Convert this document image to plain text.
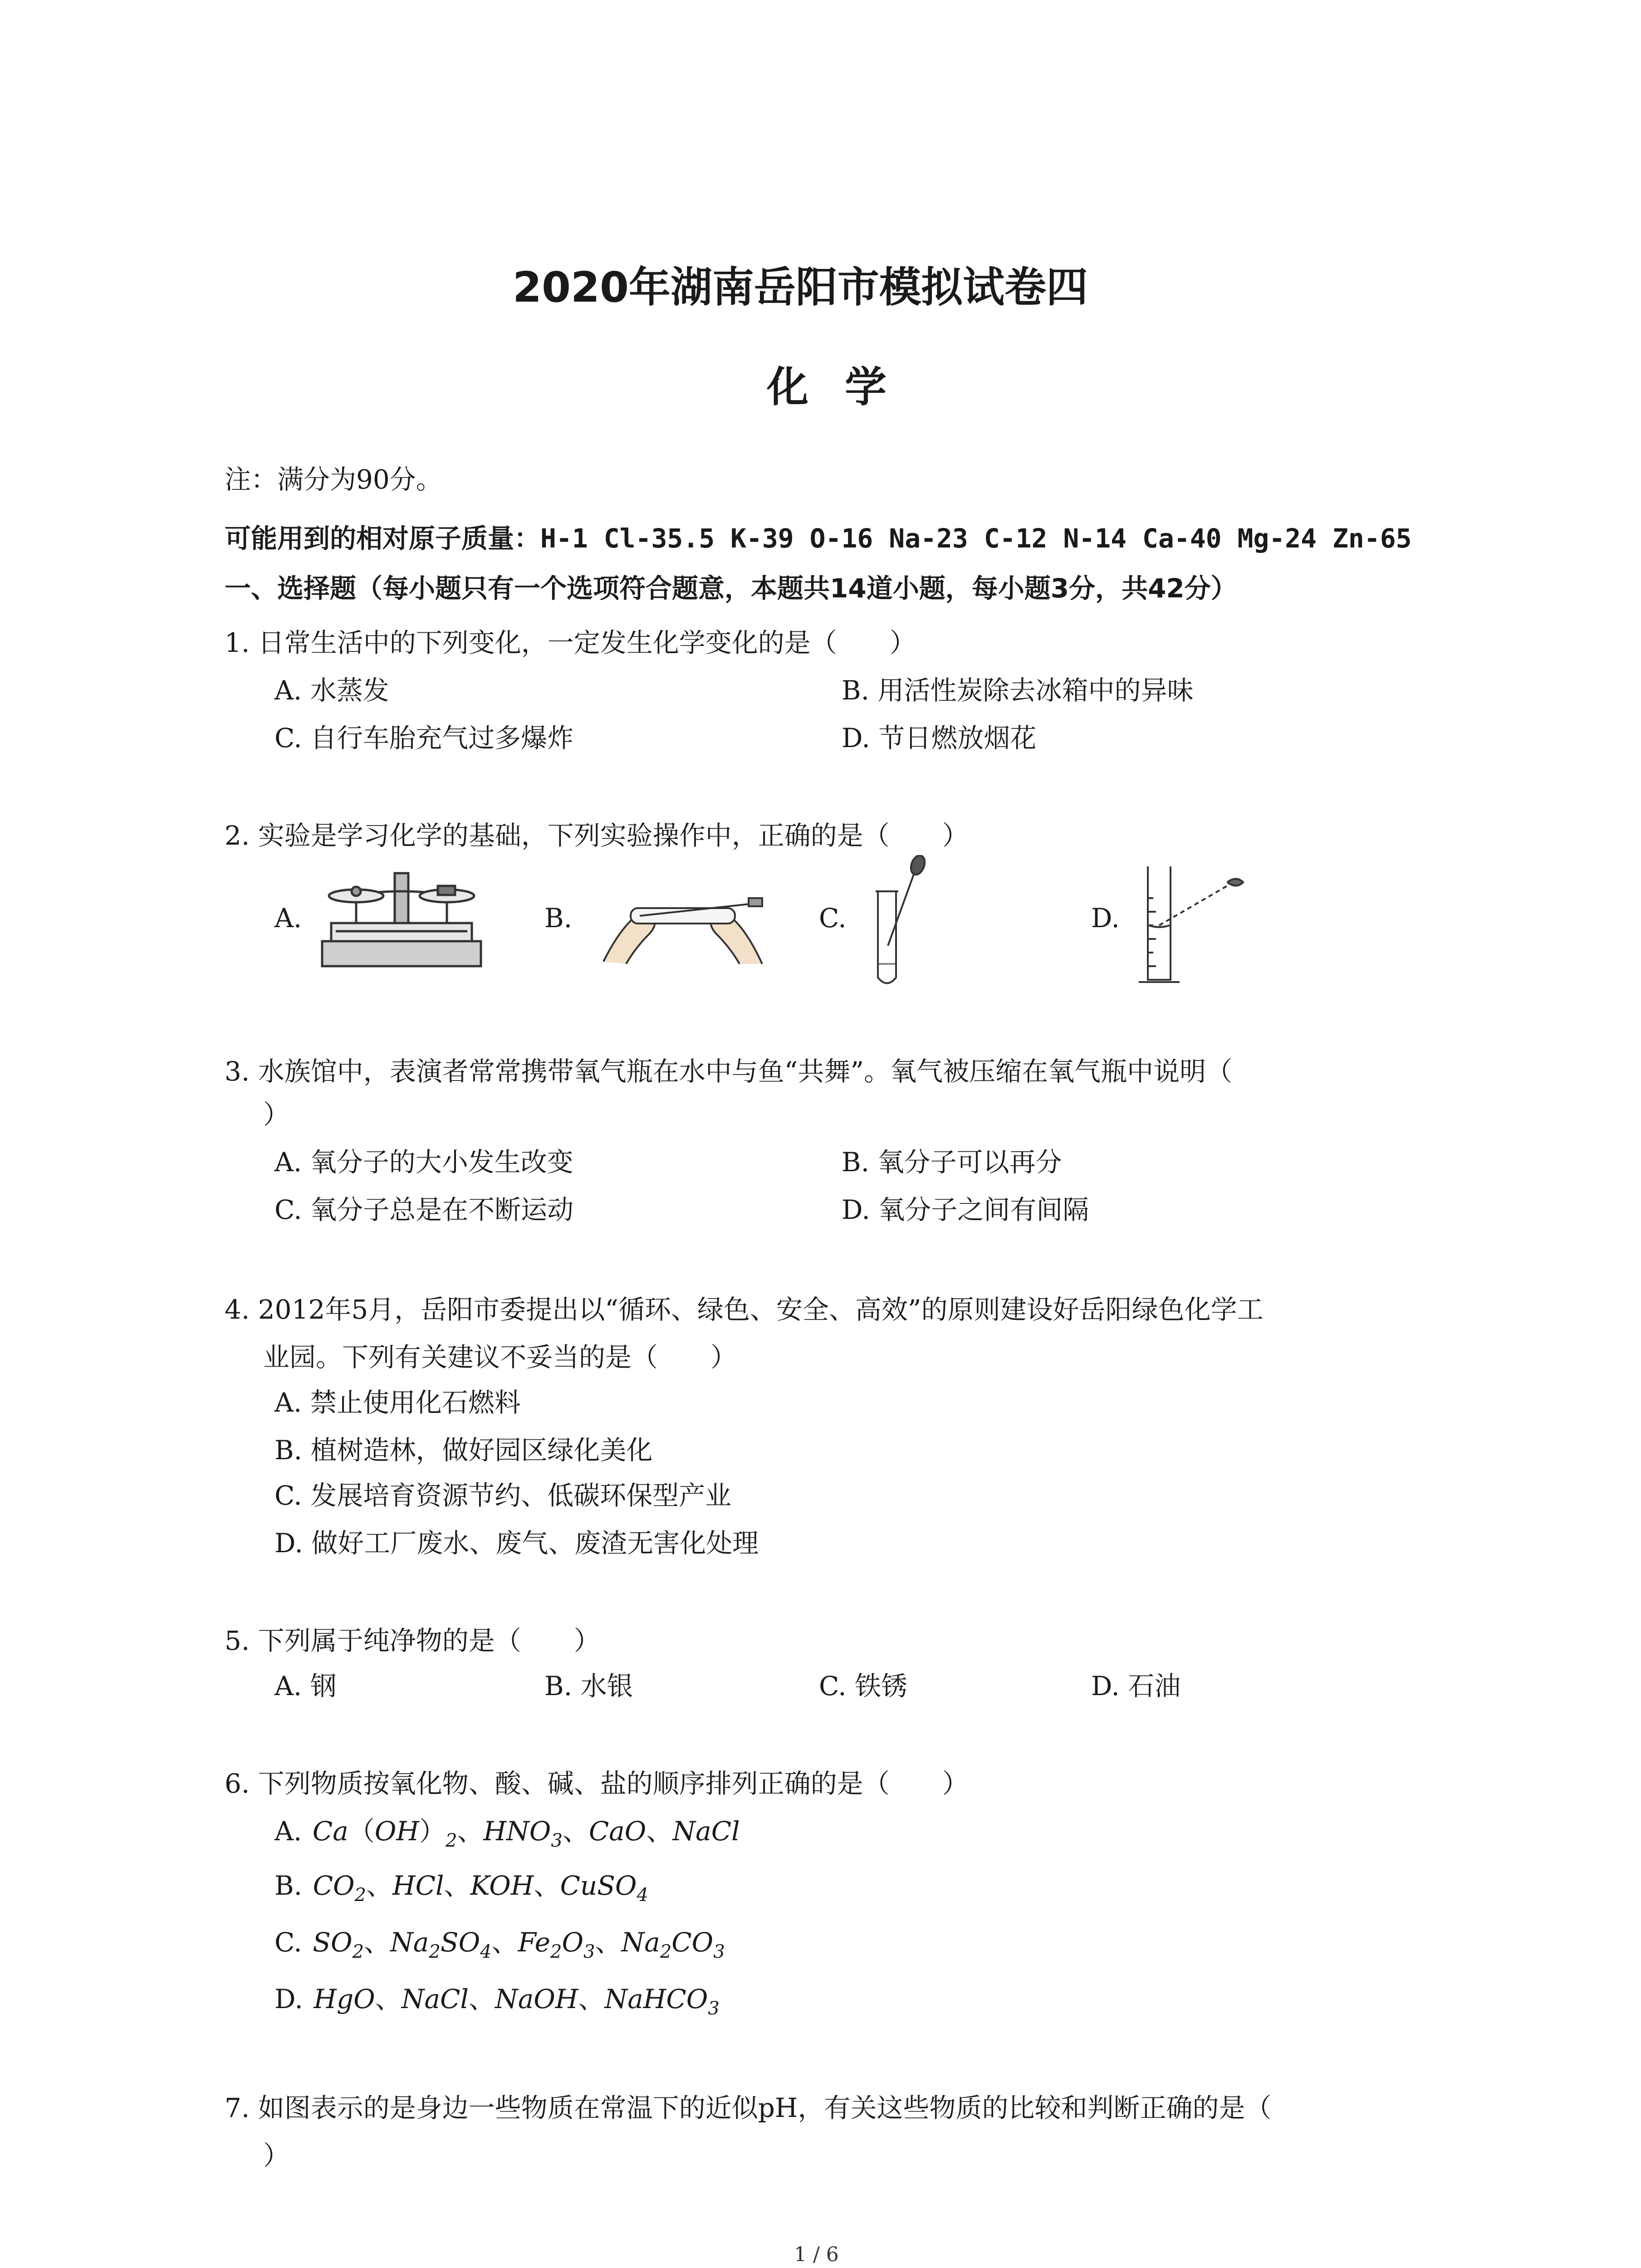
2020年湖南岳阳市模拟试卷四
化学
注：满分为90分。
可能用到的相对原子质量：H-1 Cl-35.5 K-39 O-16 Na-23 C-12 N-14 Ca-40 Mg-24 Zn-65
一、选择题（每小题只有一个选项符合题意，本题共14道小题，每小题3分，共42分）
1. 日常生活中的下列变化，一定发生化学变化的是（　　）
A. 水蒸发	B. 用活性炭除去冰箱中的异味
C. 自行车胎充气过多爆炸	D. 节日燃放烟花
2. 实验是学习化学的基础，下列实验操作中，正确的是（　　）
A.	B.	C.	D.
3. 水族馆中，表演者常常携带氧气瓶在水中与鱼“共舞”。氧气被压缩在氧气瓶中说明（
）
A. 氧分子的大小发生改变	B. 氧分子可以再分
C. 氧分子总是在不断运动	D. 氧分子之间有间隔
4. 2012年5月，岳阳市委提出以“循环、绿色、安全、高效”的原则建设好岳阳绿色化学工
业园。下列有关建议不妥当的是（　　）
A. 禁止使用化石燃料
B. 植树造林，做好园区绿化美化
C. 发展培育资源节约、低碳环保型产业
D. 做好工厂废水、废气、废渣无害化处理
5. 下列属于纯净物的是（　　）
A. 钢	B. 水银	C. 铁锈	D. 石油
6. 下列物质按氧化物、酸、碱、盐的顺序排列正确的是（　　）
A.  $Ca(OH)_2$、$HNO_3$、CaO、NaCl
B.  $CO_2$、HCl、KOH、CuSO$_4$
C.  $SO_2$、$Na_2SO_4$、$Fe_2O_3$、$Na_2CO_3$
D.  HgO、NaCl、NaOH、NaHCO$_3$
7. 如图表示的是身边一些物质在常温下的近似pH，有关这些物质的比较和判断正确的是（
）
1 / 6
